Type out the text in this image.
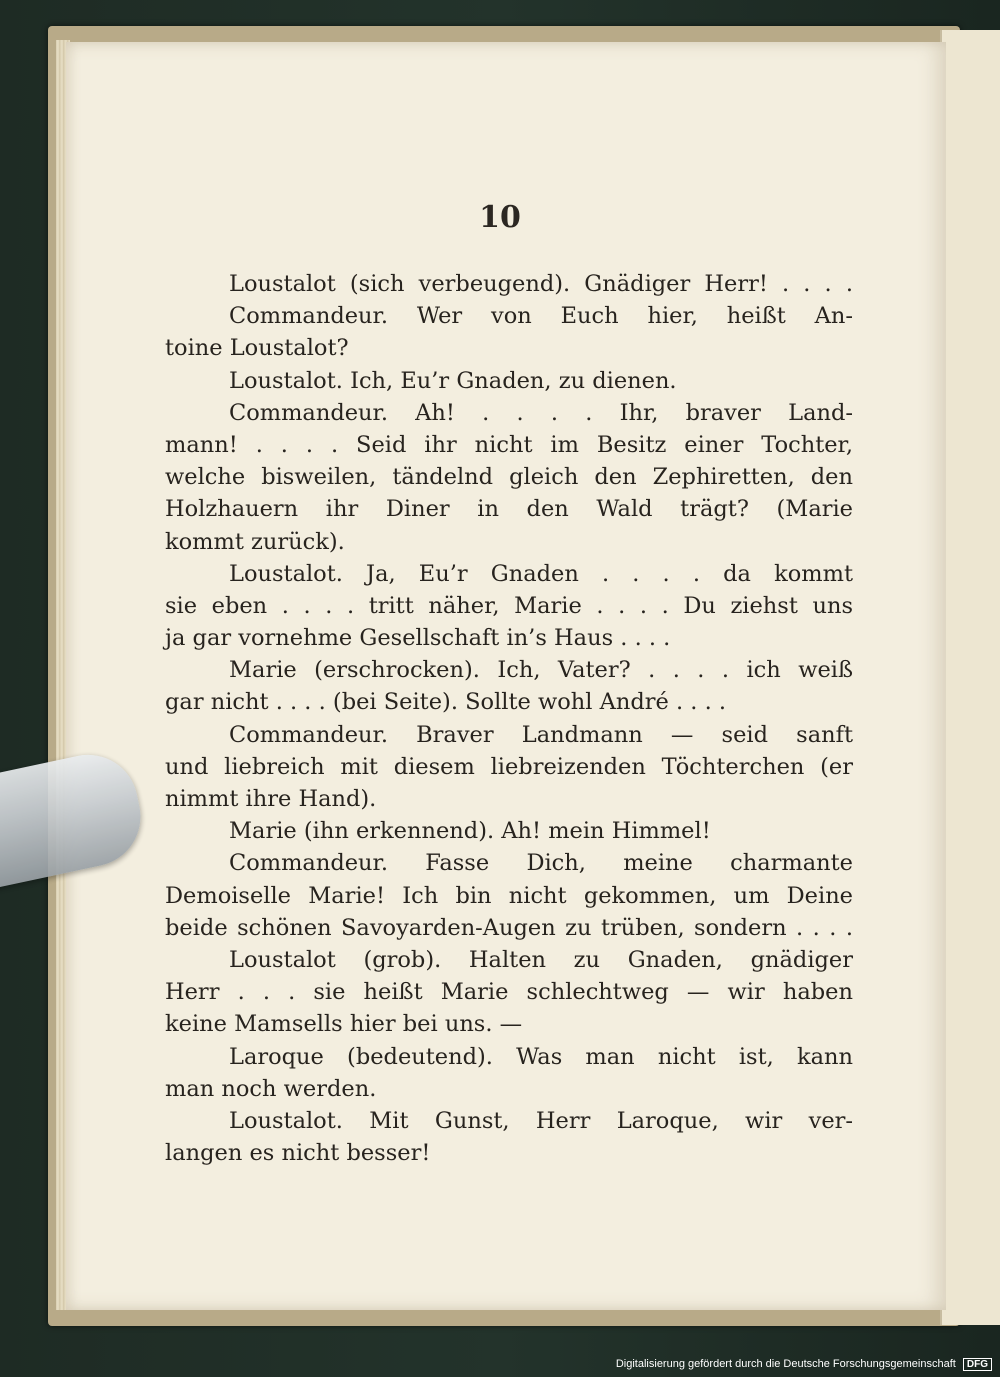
10
Loustalot (sich verbeugend). Gnädiger Herr! . . . .
Commandeur. Wer von Euch hier, heißt An-
toine Loustalot?
Loustalot. Ich, Eu’r Gnaden, zu dienen.
Commandeur. Ah! . . . . Ihr, braver Land-
mann! . . . . Seid ihr nicht im Besitz einer Tochter,
welche bisweilen, tändelnd gleich den Zephiretten, den
Holzhauern ihr Diner in den Wald trägt? (Marie
kommt zurück).
Loustalot. Ja, Eu’r Gnaden . . . . da kommt
sie eben . . . . tritt näher, Marie . . . . Du ziehst uns
ja gar vornehme Gesellschaft in’s Haus . . . .
Marie (erschrocken). Ich, Vater? . . . . ich weiß
gar nicht . . . . (bei Seite). Sollte wohl André . . . .
Commandeur. Braver Landmann — seid sanft
und liebreich mit diesem liebreizenden Töchterchen (er
nimmt ihre Hand).
Marie (ihn erkennend). Ah! mein Himmel!
Commandeur. Fasse Dich, meine charmante
Demoiselle Marie! Ich bin nicht gekommen, um Deine
beide schönen Savoyarden-Augen zu trüben, sondern . . . .
Loustalot (grob). Halten zu Gnaden, gnädiger
Herr . . . sie heißt Marie schlechtweg — wir haben
keine Mamsells hier bei uns. —
Laroque (bedeutend). Was man nicht ist, kann
man noch werden.
Loustalot. Mit Gunst, Herr Laroque, wir ver-
langen es nicht besser!
Digitalisierung gefördert durch die Deutsche Forschungsgemeinschaft DFG
